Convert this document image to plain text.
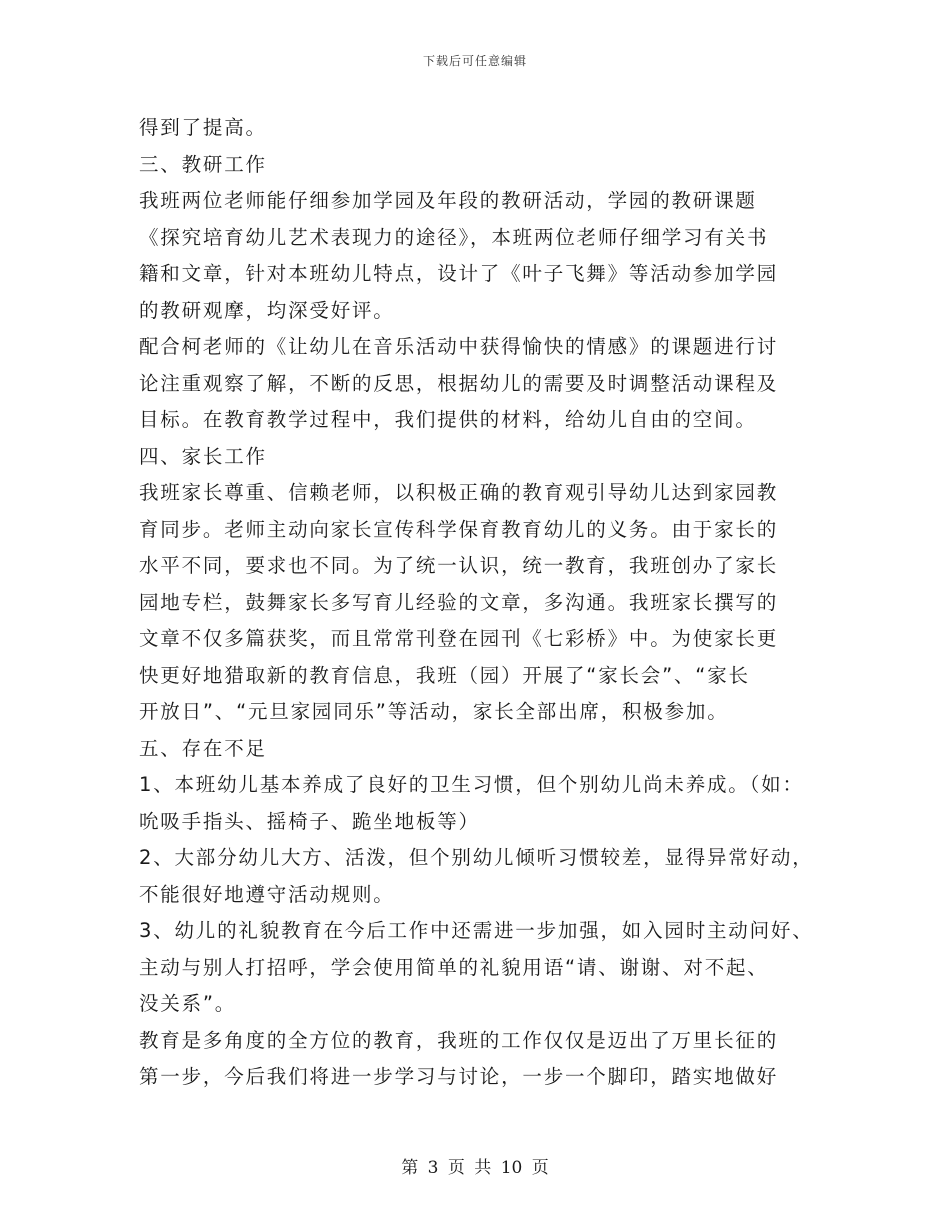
下载后可任意编辑
得到了提高。
三、教研工作
我班两位老师能仔细参加学园及年段的教研活动，学园的教研课题
《探究培育幼儿艺术表现力的途径》，本班两位老师仔细学习有关书
籍和文章，针对本班幼儿特点，设计了《叶子飞舞》等活动参加学园
的教研观摩，均深受好评。
配合柯老师的《让幼儿在音乐活动中获得愉快的情感》的课题进行讨
论注重观察了解，不断的反思，根据幼儿的需要及时调整活动课程及
目标。在教育教学过程中，我们提供的材料，给幼儿自由的空间。
四、家长工作
我班家长尊重、信赖老师，以积极正确的教育观引导幼儿达到家园教
育同步。老师主动向家长宣传科学保育教育幼儿的义务。由于家长的
水平不同，要求也不同。为了统一认识，统一教育，我班创办了家长
园地专栏，鼓舞家长多写育儿经验的文章，多沟通。我班家长撰写的
文章不仅多篇获奖，而且常常刊登在园刊《七彩桥》中。为使家长更
快更好地猎取新的教育信息，我班（园）开展了“家长会”、“家长
开放日”、“元旦家园同乐”等活动，家长全部出席，积极参加。
五、存在不足
1、本班幼儿基本养成了良好的卫生习惯，但个别幼儿尚未养成。（如：
吮吸手指头、摇椅子、跪坐地板等）
2、大部分幼儿大方、活泼，但个别幼儿倾听习惯较差，显得异常好动，
不能很好地遵守活动规则。
3、幼儿的礼貌教育在今后工作中还需进一步加强，如入园时主动问好、
主动与别人打招呼，学会使用简单的礼貌用语“请、谢谢、对不起、
没关系”。
教育是多角度的全方位的教育，我班的工作仅仅是迈出了万里长征的
第一步，今后我们将进一步学习与讨论，一步一个脚印，踏实地做好
第 3 页 共 10 页
